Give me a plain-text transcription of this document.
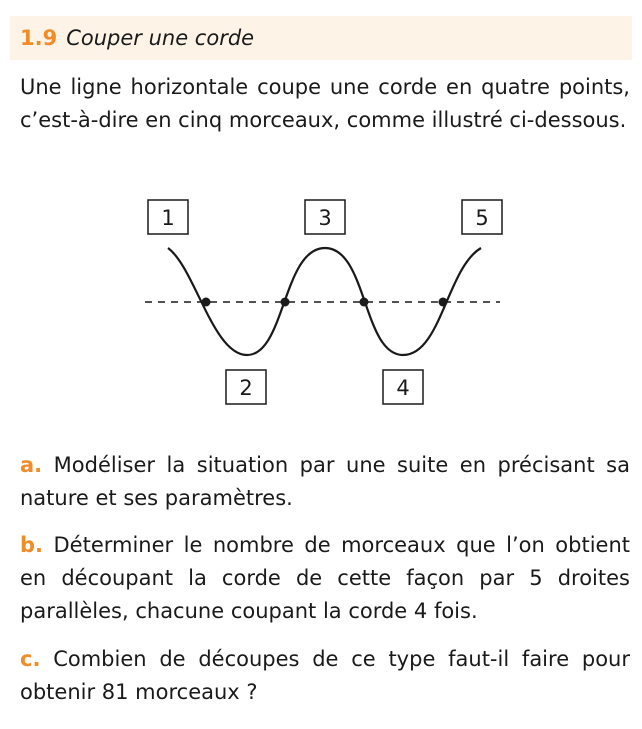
1.9 Couper une corde

Une ligne horizontale coupe une corde en quatre points, c’est-à-dire en cinq morceaux, comme illustré ci-dessous.

1
2
3
4
5

a. Modéliser la situation par une suite en précisant sa nature et ses paramètres.

b. Déterminer le nombre de morceaux que l’on obtient en découpant la corde de cette façon par 5 droites parallèles, chacune coupant la corde 4 fois.

c. Combien de découpes de ce type faut-il faire pour obtenir 81 morceaux ?
